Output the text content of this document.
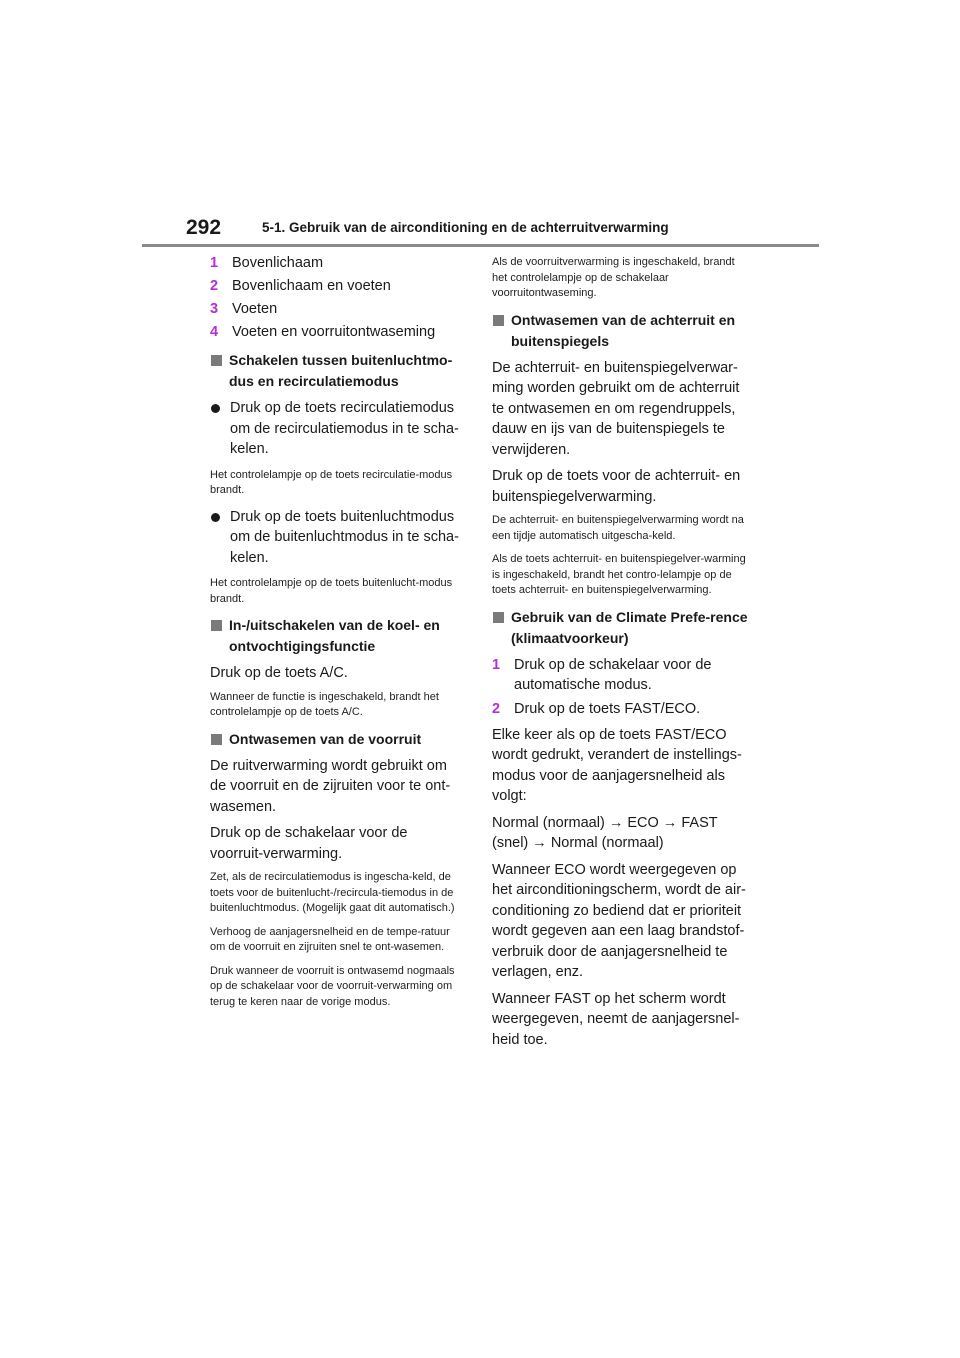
292	5-1. Gebruik van de airconditioning en de achterruitverwarming
1 Bovenlichaam
2 Bovenlichaam en voeten
3 Voeten
4 Voeten en voorruitontwaseming
Schakelen tussen buitenluchtmo-dus en recirculatiemodus
Druk op de toets recirculatiemodus om de recirculatiemodus in te scha-kelen.
Het controlelampje op de toets recirculatie-modus brandt.
Druk op de toets buitenluchtmodus om de buitenluchtmodus in te scha-kelen.
Het controlelampje op de toets buitenlucht-modus brandt.
In-/uitschakelen van de koel- en ontvochtigingsfunctie
Druk op de toets A/C.
Wanneer de functie is ingeschakeld, brandt het controlelampje op de toets A/C.
Ontwasemen van de voorruit
De ruitverwarming wordt gebruikt om de voorruit en de zijruiten voor te ont-wasemen.
Druk op de schakelaar voor de voorruit-verwarming.
Zet, als de recirculatiemodus is ingescha-keld, de toets voor de buitenlucht-/recircula-tiemodus in de buitenluchtmodus. (Mogelijk gaat dit automatisch.)
Verhoog de aanjagersnelheid en de tempe-ratuur om de voorruit en zijruiten snel te ont-wasemen.
Druk wanneer de voorruit is ontwasemd nogmaals op de schakelaar voor de voorruit-verwarming om terug te keren naar de vorige modus.
Als de voorruitverwarming is ingeschakeld, brandt het controlelampje op de schakelaar voorruitontwaseming.
Ontwasemen van de achterruit en buitenspiegels
De achterruit- en buitenspiegelverwar-ming worden gebruikt om de achterruit te ontwasemen en om regendruppels, dauw en ijs van de buitenspiegels te verwijderen.
Druk op de toets voor de achterruit- en buitenspiegelverwarming.
De achterruit- en buitenspiegelverwarming wordt na een tijdje automatisch uitgescha-keld.
Als de toets achterruit- en buitenspiegelver-warming is ingeschakeld, brandt het contro-lelampje op de toets achterruit- en buitenspiegelverwarming.
Gebruik van de Climate Prefe-rence (klimaatvoorkeur)
1 Druk op de schakelaar voor de automatische modus.
2 Druk op de toets FAST/ECO.
Elke keer als op de toets FAST/ECO wordt gedrukt, verandert de instellings-modus voor de aanjagersnelheid als volgt:
Normal (normaal) → ECO → FAST (snel) → Normal (normaal)
Wanneer ECO wordt weergegeven op het airconditioningscherm, wordt de air-conditioning zo bediend dat er prioriteit wordt gegeven aan een laag brandstof-verbruik door de aanjagersnelheid te verlagen, enz.
Wanneer FAST op het scherm wordt weergegeven, neemt de aanjagersnel-heid toe.
